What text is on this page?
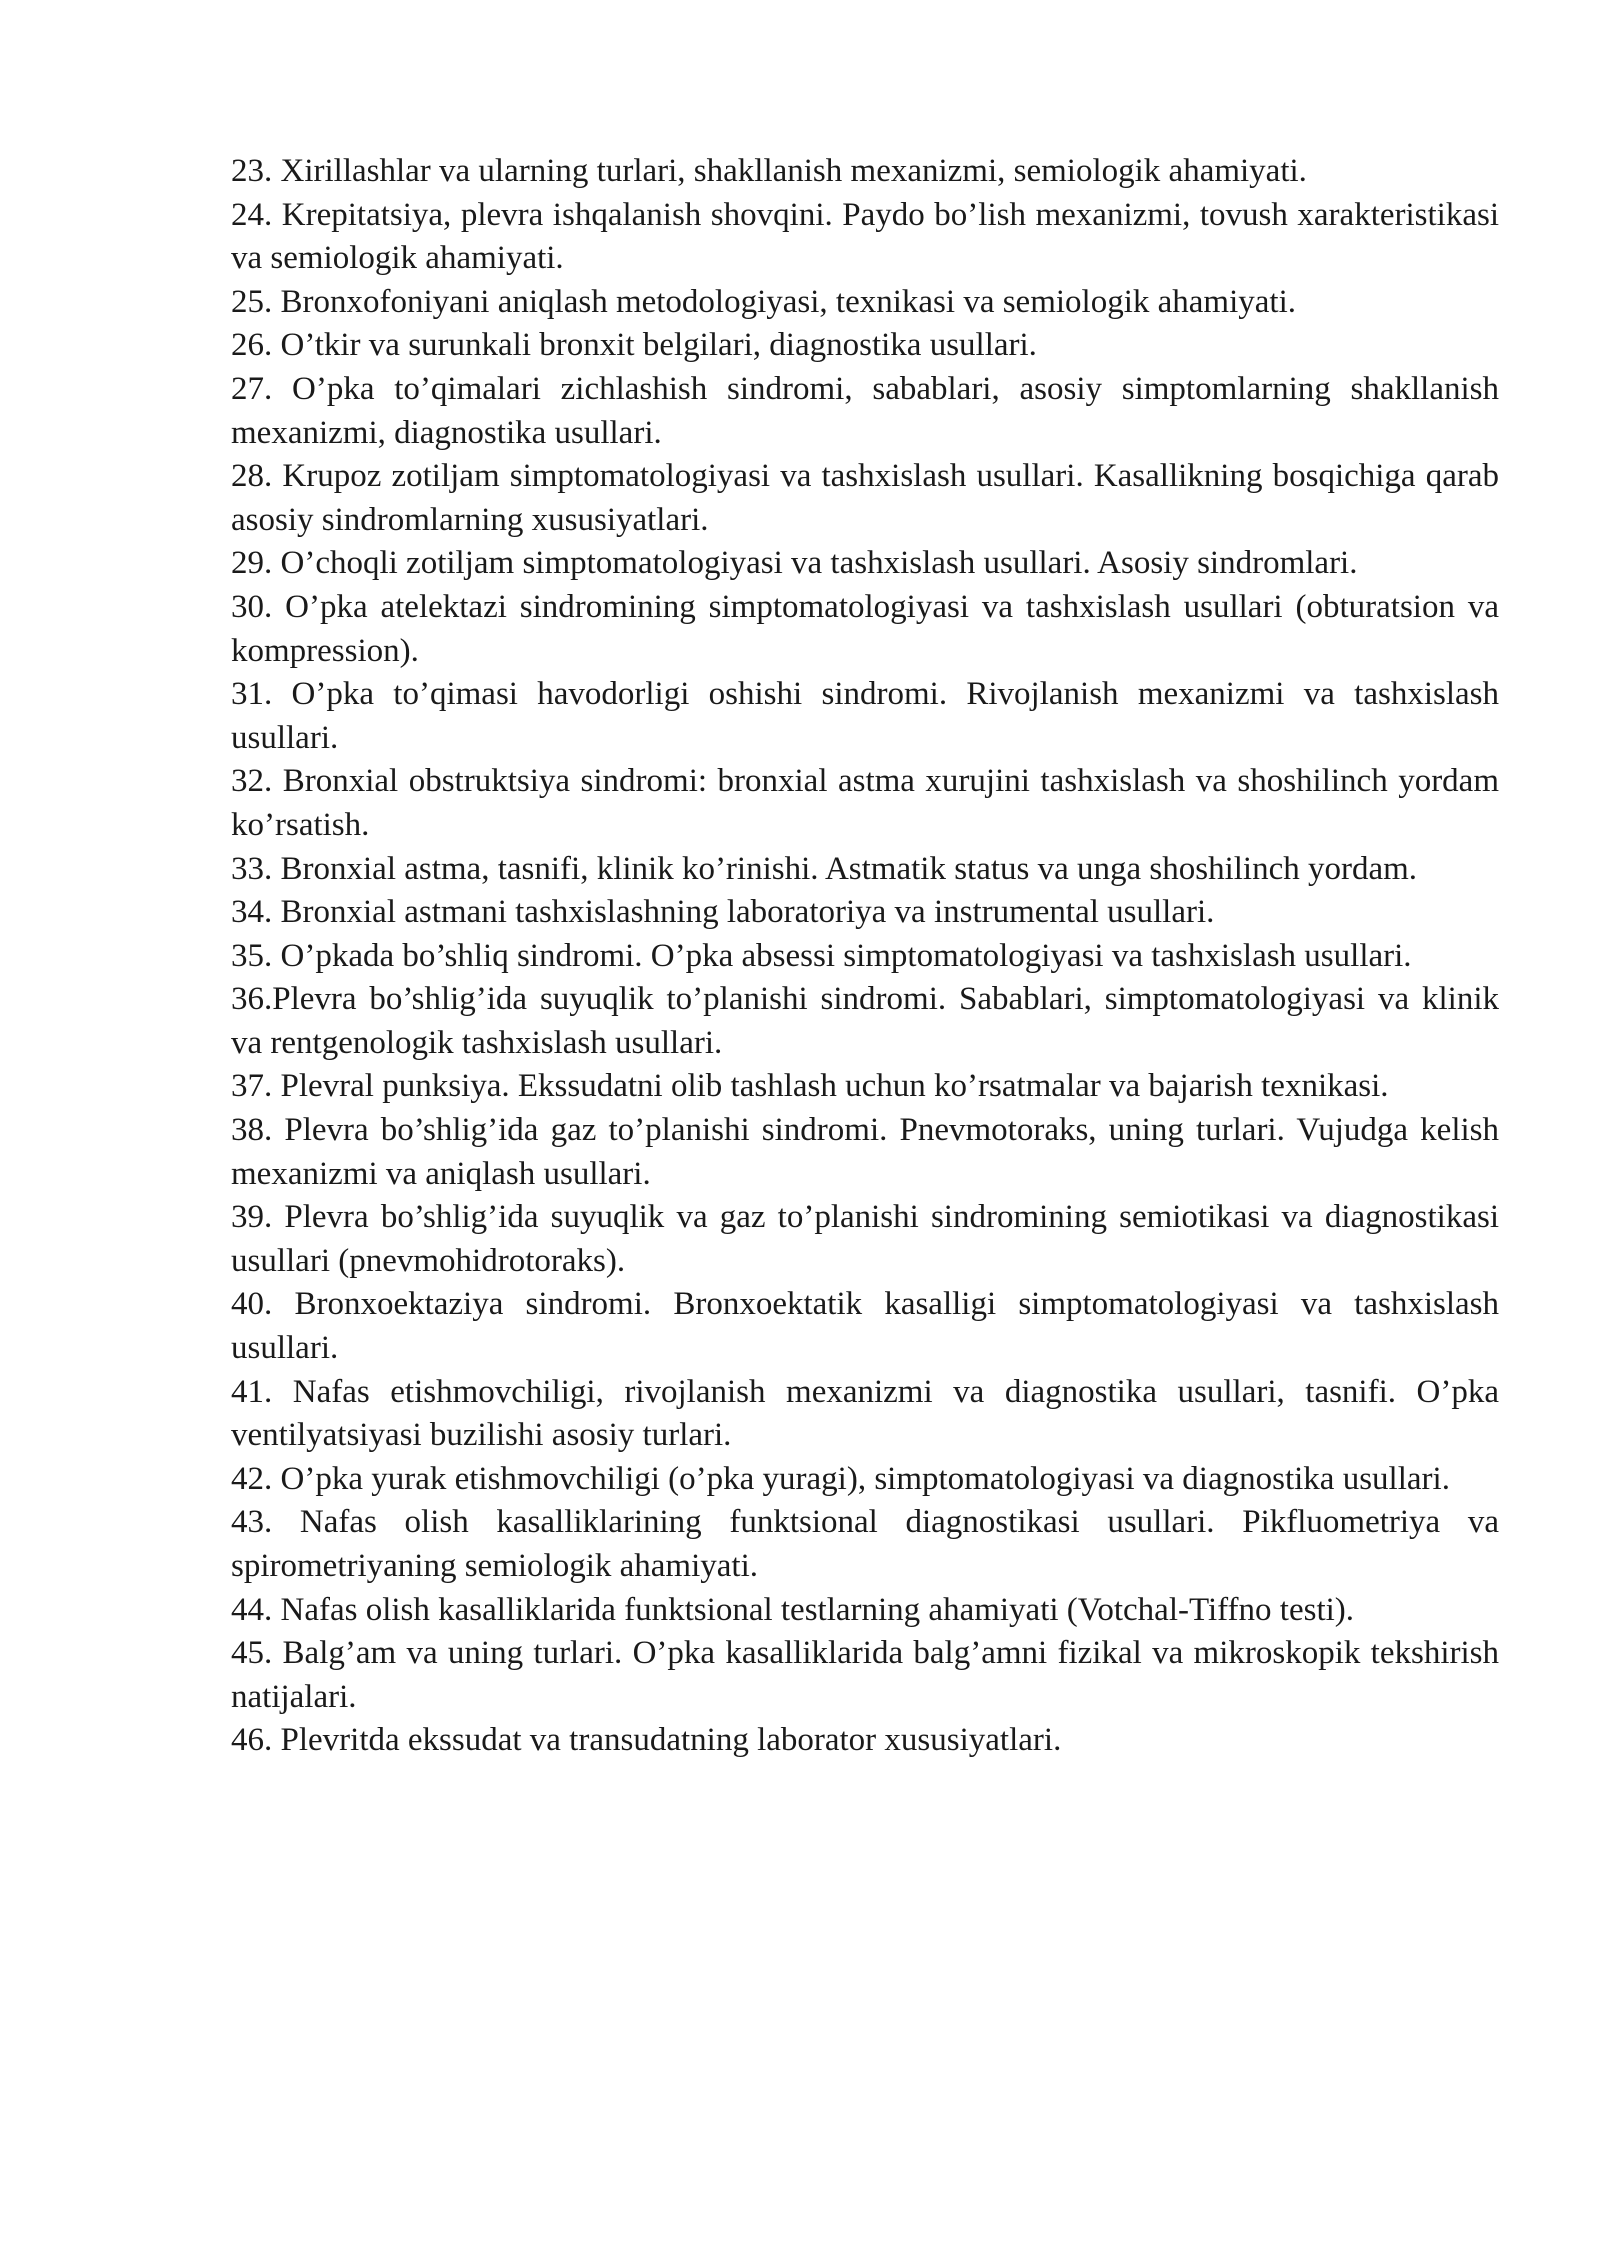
23. Xirillashlar va ularning turlari, shakllanish mexanizmi, semiologik ahamiyati.

24. Krepitatsiya, plevra ishqalanish shovqini. Paydo bo’lish mexanizmi, tovush xarakteristikasi va semiologik ahamiyati.

25. Bronxofoniyani aniqlash metodologiyasi, texnikasi va semiologik ahamiyati.

26. O’tkir va surunkali bronxit belgilari, diagnostika usullari.

27. O’pka to’qimalari zichlashish sindromi, sabablari, asosiy simptomlarning shakllanish mexanizmi, diagnostika usullari.

28. Krupoz zotiljam simptomatologiyasi va tashxislash usullari. Kasallikning bosqichiga qarab asosiy sindromlarning xususiyatlari.

29. O’choqli zotiljam simptomatologiyasi va tashxislash usullari. Asosiy sindromlari.

30. O’pka atelektazi sindromining simptomatologiyasi va tashxislash usullari (obturatsion va kompression).

31. O’pka to’qimasi havodorligi oshishi sindromi. Rivojlanish mexanizmi va tashxislash usullari.

32. Bronxial obstruktsiya sindromi: bronxial astma xurujini tashxislash va shoshilinch yordam ko’rsatish.

33. Bronxial astma, tasnifi, klinik ko’rinishi. Astmatik status va unga shoshilinch yordam.

34. Bronxial astmani tashxislashning laboratoriya va instrumental usullari.

35. O’pkada bo’shliq sindromi. O’pka absessi simptomatologiyasi va tashxislash usullari.

36.Plevra bo’shlig’ida suyuqlik to’planishi sindromi. Sabablari, simptomatologiyasi va klinik va rentgenologik tashxislash usullari.

37. Plevral punksiya. Ekssudatni olib tashlash uchun ko’rsatmalar va bajarish texnikasi.

38. Plevra bo’shlig’ida gaz to’planishi sindromi. Pnevmotoraks, uning turlari. Vujudga kelish mexanizmi va aniqlash usullari.

39. Plevra bo’shlig’ida suyuqlik va gaz to’planishi sindromining semiotikasi va diagnostikasi usullari (pnevmohidrotoraks).

40. Bronxoektaziya sindromi. Bronxoektatik kasalligi simptomatologiyasi va tashxislash usullari.

41. Nafas etishmovchiligi, rivojlanish mexanizmi va diagnostika usullari, tasnifi. O’pka ventilyatsiyasi buzilishi asosiy turlari.

42. O’pka yurak etishmovchiligi (o’pka yuragi), simptomatologiyasi va diagnostika usullari.

43. Nafas olish kasalliklarining funktsional diagnostikasi usullari. Pikfluometriya va spirometriyaning semiologik ahamiyati.

44. Nafas olish kasalliklarida funktsional testlarning ahamiyati (Votchal-Tiffno testi).

45. Balg’am va uning turlari. O’pka kasalliklarida balg’amni fizikal va mikroskopik tekshirish natijalari.

46. Plevritda ekssudat va transudatning laborator xususiyatlari.
